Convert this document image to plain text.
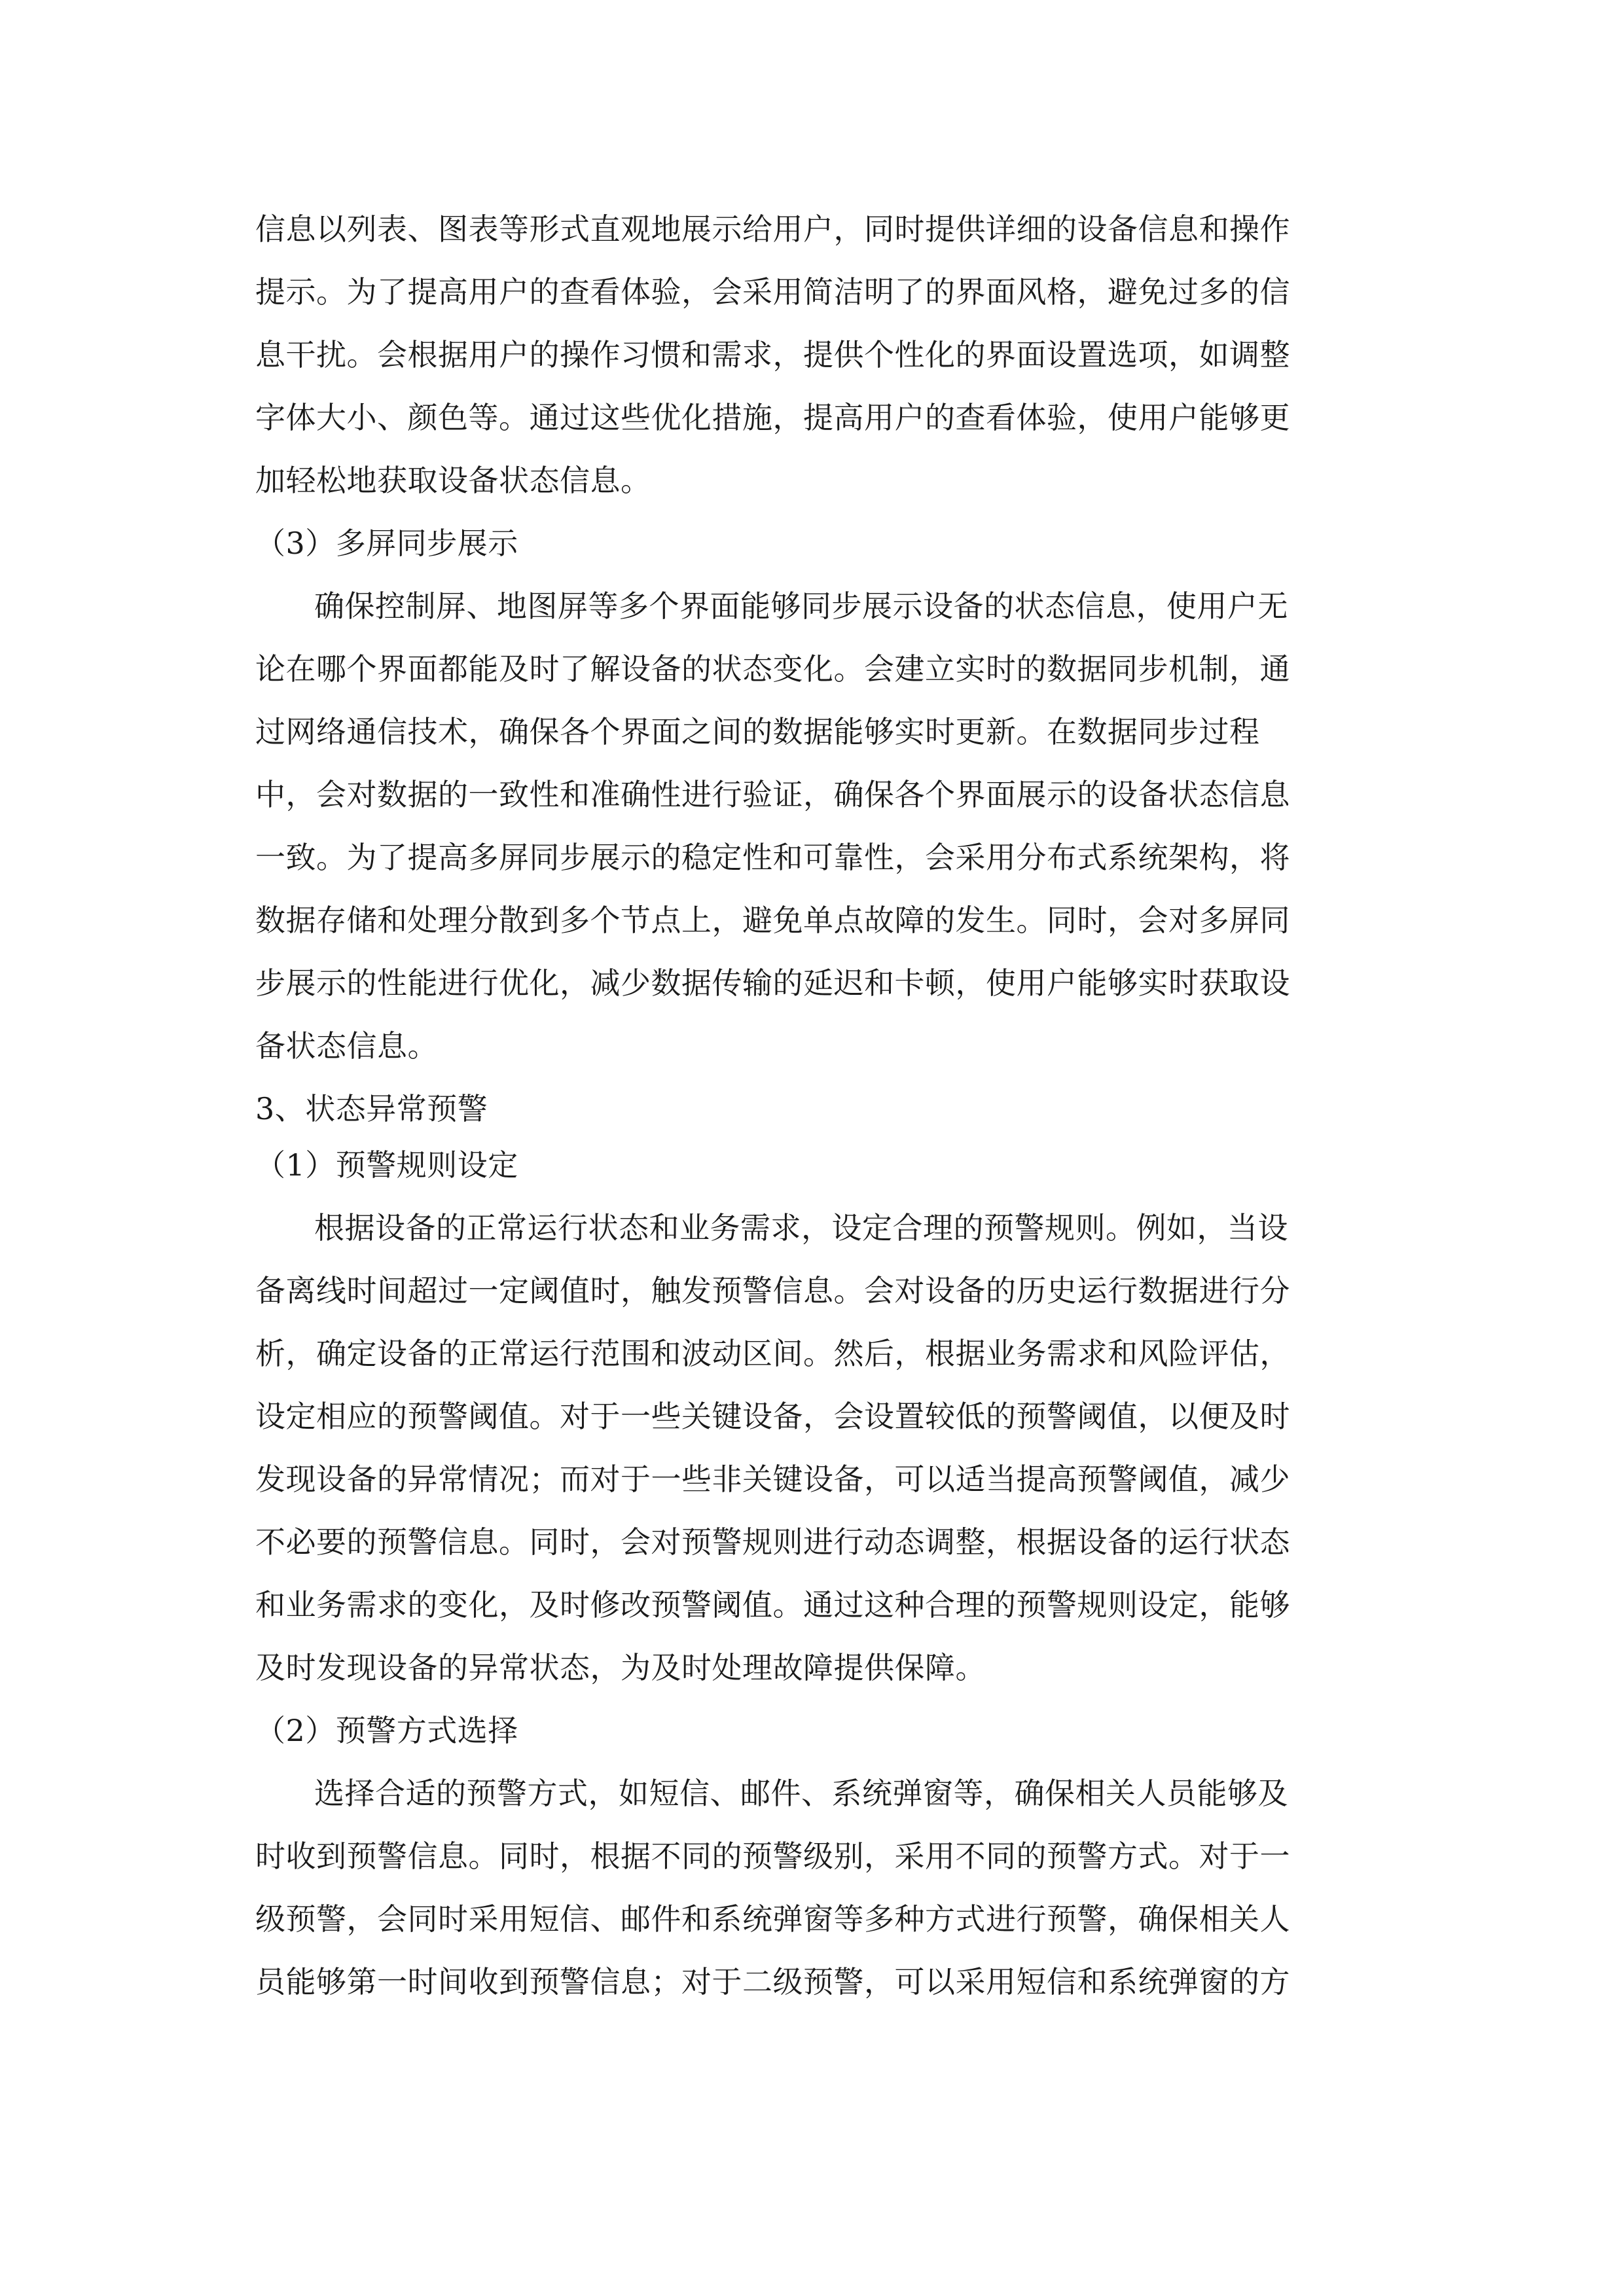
信息以列表、图表等形式直观地展示给用户，同时提供详细的设备信息和操作
提示。为了提高用户的查看体验，会采用简洁明了的界面风格，避免过多的信
息干扰。会根据用户的操作习惯和需求，提供个性化的界面设置选项，如调整
字体大小、颜色等。通过这些优化措施，提高用户的查看体验，使用户能够更
加轻松地获取设备状态信息。
（3）多屏同步展示
确保控制屏、地图屏等多个界面能够同步展示设备的状态信息，使用户无
论在哪个界面都能及时了解设备的状态变化。会建立实时的数据同步机制，通
过网络通信技术，确保各个界面之间的数据能够实时更新。在数据同步过程
中，会对数据的一致性和准确性进行验证，确保各个界面展示的设备状态信息
一致。为了提高多屏同步展示的稳定性和可靠性，会采用分布式系统架构，将
数据存储和处理分散到多个节点上，避免单点故障的发生。同时，会对多屏同
步展示的性能进行优化，减少数据传输的延迟和卡顿，使用户能够实时获取设
备状态信息。
3、状态异常预警
（1）预警规则设定
根据设备的正常运行状态和业务需求，设定合理的预警规则。例如，当设
备离线时间超过一定阈值时，触发预警信息。会对设备的历史运行数据进行分
析，确定设备的正常运行范围和波动区间。然后，根据业务需求和风险评估，
设定相应的预警阈值。对于一些关键设备，会设置较低的预警阈值，以便及时
发现设备的异常情况；而对于一些非关键设备，可以适当提高预警阈值，减少
不必要的预警信息。同时，会对预警规则进行动态调整，根据设备的运行状态
和业务需求的变化，及时修改预警阈值。通过这种合理的预警规则设定，能够
及时发现设备的异常状态，为及时处理故障提供保障。
（2）预警方式选择
选择合适的预警方式，如短信、邮件、系统弹窗等，确保相关人员能够及
时收到预警信息。同时，根据不同的预警级别，采用不同的预警方式。对于一
级预警，会同时采用短信、邮件和系统弹窗等多种方式进行预警，确保相关人
员能够第一时间收到预警信息；对于二级预警，可以采用短信和系统弹窗的方
